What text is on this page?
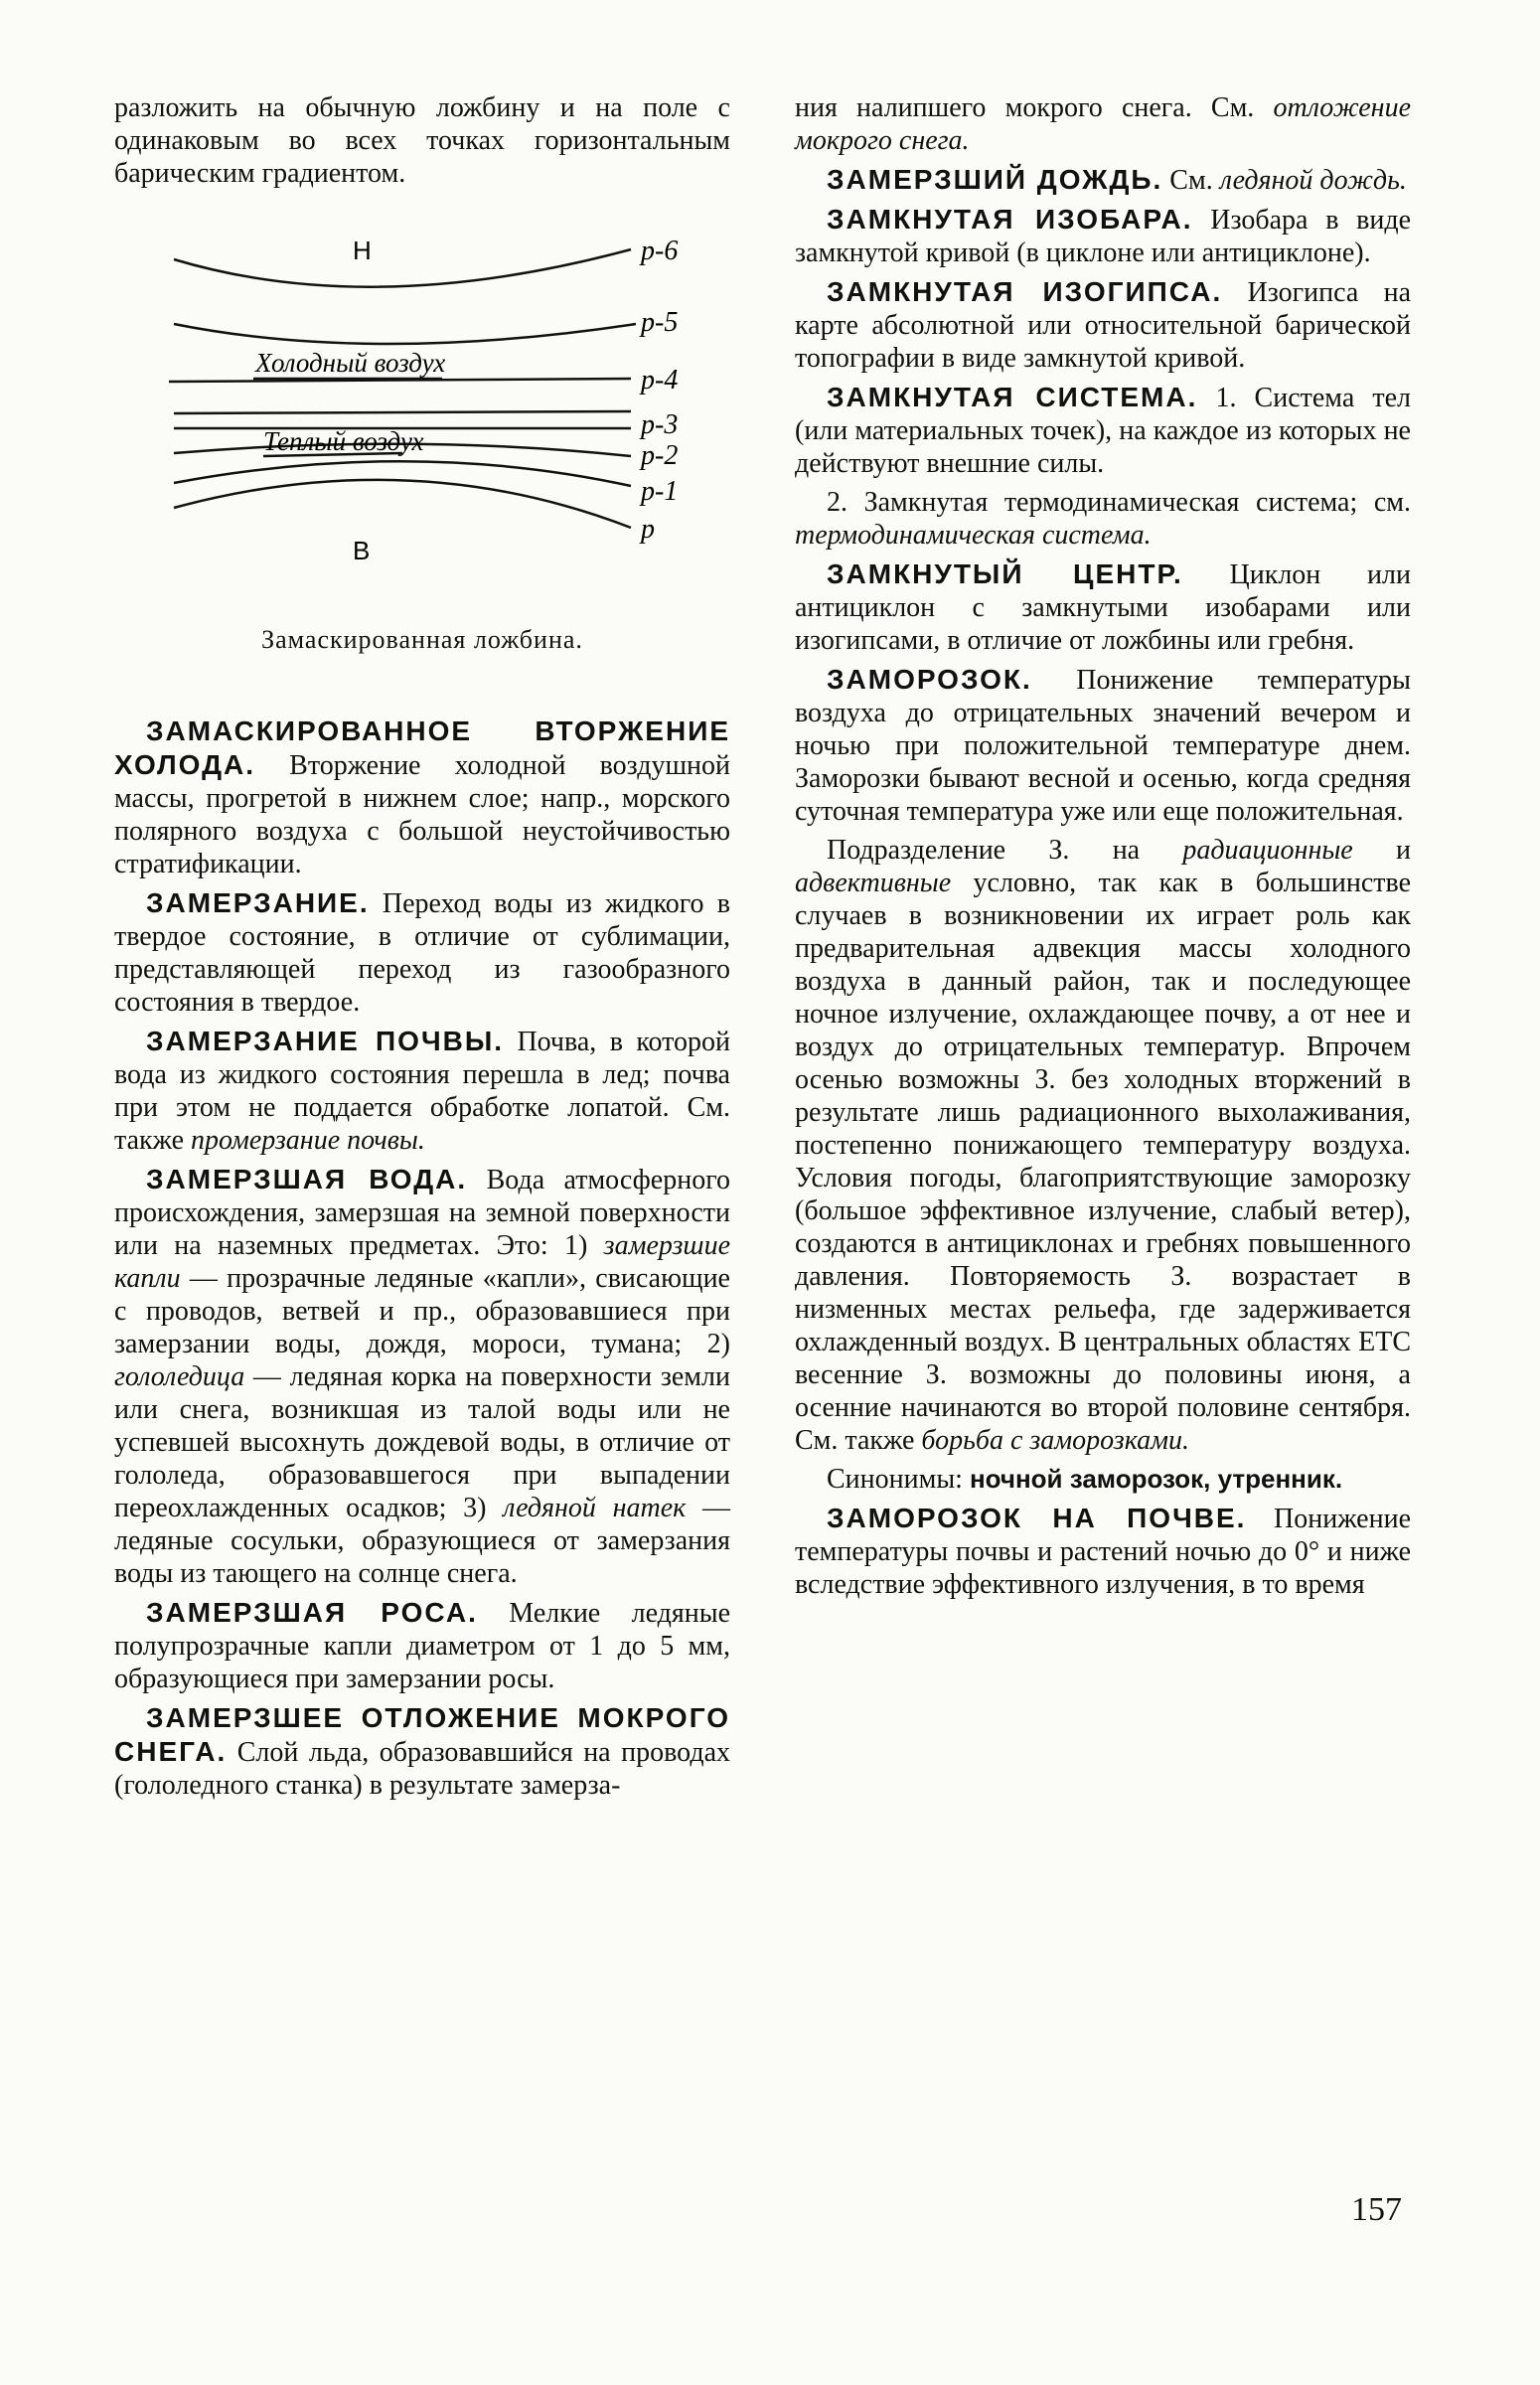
разложить на обычную ложбину и на поле с одинаковым во всех точках горизонтальным барическим градиентом.

Н
В
Холодный воздух
Теплый воздух
p-6
p-5
p-4
p-3
p-2
p-1
p
Замаскированная ложбина.

ЗАМАСКИРОВАННОЕ ВТОРЖЕНИЕ ХОЛОДА. Вторжение холодной воздушной массы, прогретой в нижнем слое; напр., морского полярного воздуха с большой неустойчивостью стратификации.

ЗАМЕРЗАНИЕ. Переход воды из жидкого в твердое состояние, в отличие от сублимации, представляющей переход из газообразного состояния в твердое.

ЗАМЕРЗАНИЕ ПОЧВЫ. Почва, в которой вода из жидкого состояния перешла в лед; почва при этом не поддается обработке лопатой. См. также промерзание почвы.

ЗАМЕРЗШАЯ ВОДА. Вода атмосферного происхождения, замерзшая на земной поверхности или на наземных предметах. Это: 1) замерзшие капли — прозрачные ледяные «капли», свисающие с проводов, ветвей и пр., образовавшиеся при замерзании воды, дождя, мороси, тумана; 2) гололедица — ледяная корка на поверхности земли или снега, возникшая из талой воды или не успевшей высохнуть дождевой воды, в отличие от гололеда, образовавшегося при выпадении переохлажденных осадков; 3) ледяной натек — ледяные сосульки, образующиеся от замерзания воды из тающего на солнце снега.

ЗАМЕРЗШАЯ РОСА. Мелкие ледяные полупрозрачные капли диаметром от 1 до 5 мм, образующиеся при замерзании росы.

ЗАМЕРЗШЕЕ ОТЛОЖЕНИЕ МОКРОГО СНЕГА. Слой льда, образовавшийся на проводах (гололедного станка) в результате замерза-

ния налипшего мокрого снега. См. отложение мокрого снега.

ЗАМЕРЗШИЙ ДОЖДЬ. См. ледяной дождь.

ЗАМКНУТАЯ ИЗОБАРА. Изобара в виде замкнутой кривой (в циклоне или антициклоне).

ЗАМКНУТАЯ ИЗОГИПСА. Изогипса на карте абсолютной или относительной барической топографии в виде замкнутой кривой.

ЗАМКНУТАЯ СИСТЕМА. 1. Система тел (или материальных точек), на каждое из которых не действуют внешние силы.

2. Замкнутая термодинамическая система; см. термодинамическая система.

ЗАМКНУТЫЙ ЦЕНТР. Циклон или антициклон с замкнутыми изобарами или изогипсами, в отличие от ложбины или гребня.

ЗАМОРОЗОК. Понижение температуры воздуха до отрицательных значений вечером и ночью при положительной температуре днем. Заморозки бывают весной и осенью, когда средняя суточная температура уже или еще положительная.

Подразделение З. на радиационные и адвективные условно, так как в большинстве случаев в возникновении их играет роль как предварительная адвекция массы холодного воздуха в данный район, так и последующее ночное излучение, охлаждающее почву, а от нее и воздух до отрицательных температур. Впрочем осенью возможны З. без холодных вторжений в результате лишь радиационного выхолаживания, постепенно понижающего температуру воздуха. Условия погоды, благоприятствующие заморозку (большое эффективное излучение, слабый ветер), создаются в антициклонах и гребнях повышенного давления. Повторяемость З. возрастает в низменных местах рельефа, где задерживается охлажденный воздух. В центральных областях ЕТС весенние З. возможны до половины июня, а осенние начинаются во второй половине сентября. См. также борьба с заморозками.

Синонимы: ночной заморозок, утренник.

ЗАМОРОЗОК НА ПОЧВЕ. Понижение температуры почвы и растений ночью до 0° и ниже вследствие эффективного излучения, в то время

157
